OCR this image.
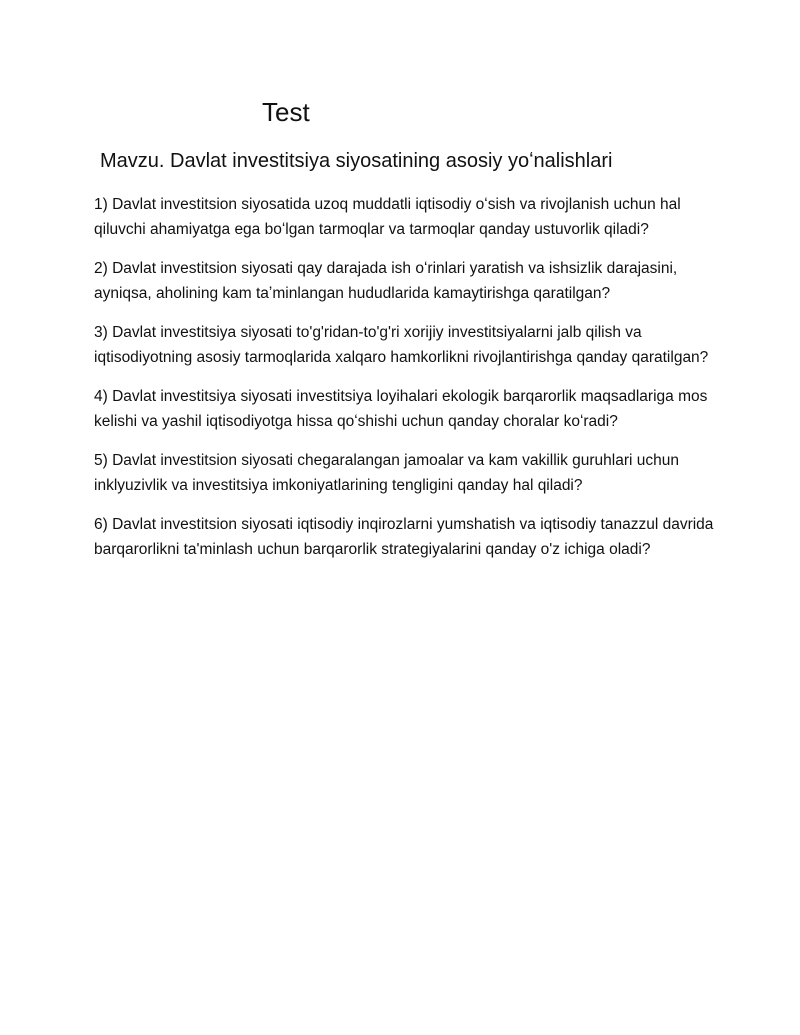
Test
Mavzu. Davlat investitsiya siyosatining asosiy yoʻnalishlari

1) Davlat investitsion siyosatida uzoq muddatli iqtisodiy oʻsish va rivojlanish uchun hal qiluvchi ahamiyatga ega boʻlgan tarmoqlar va tarmoqlar qanday ustuvorlik qiladi?

2) Davlat investitsion siyosati qay darajada ish oʻrinlari yaratish va ishsizlik darajasini, ayniqsa, aholining kam taʼminlangan hududlarida kamaytirishga qaratilgan?

3) Davlat investitsiya siyosati to'g'ridan-to'g'ri xorijiy investitsiyalarni jalb qilish va iqtisodiyotning asosiy tarmoqlarida xalqaro hamkorlikni rivojlantirishga qanday qaratilgan?

4) Davlat investitsiya siyosati investitsiya loyihalari ekologik barqarorlik maqsadlariga mos kelishi va yashil iqtisodiyotga hissa qoʻshishi uchun qanday choralar koʻradi?

5) Davlat investitsion siyosati chegaralangan jamoalar va kam vakillik guruhlari uchun inklyuzivlik va investitsiya imkoniyatlarining tengligini qanday hal qiladi?

6) Davlat investitsion siyosati iqtisodiy inqirozlarni yumshatish va iqtisodiy tanazzul davrida barqarorlikni ta'minlash uchun barqarorlik strategiyalarini qanday o'z ichiga oladi?
